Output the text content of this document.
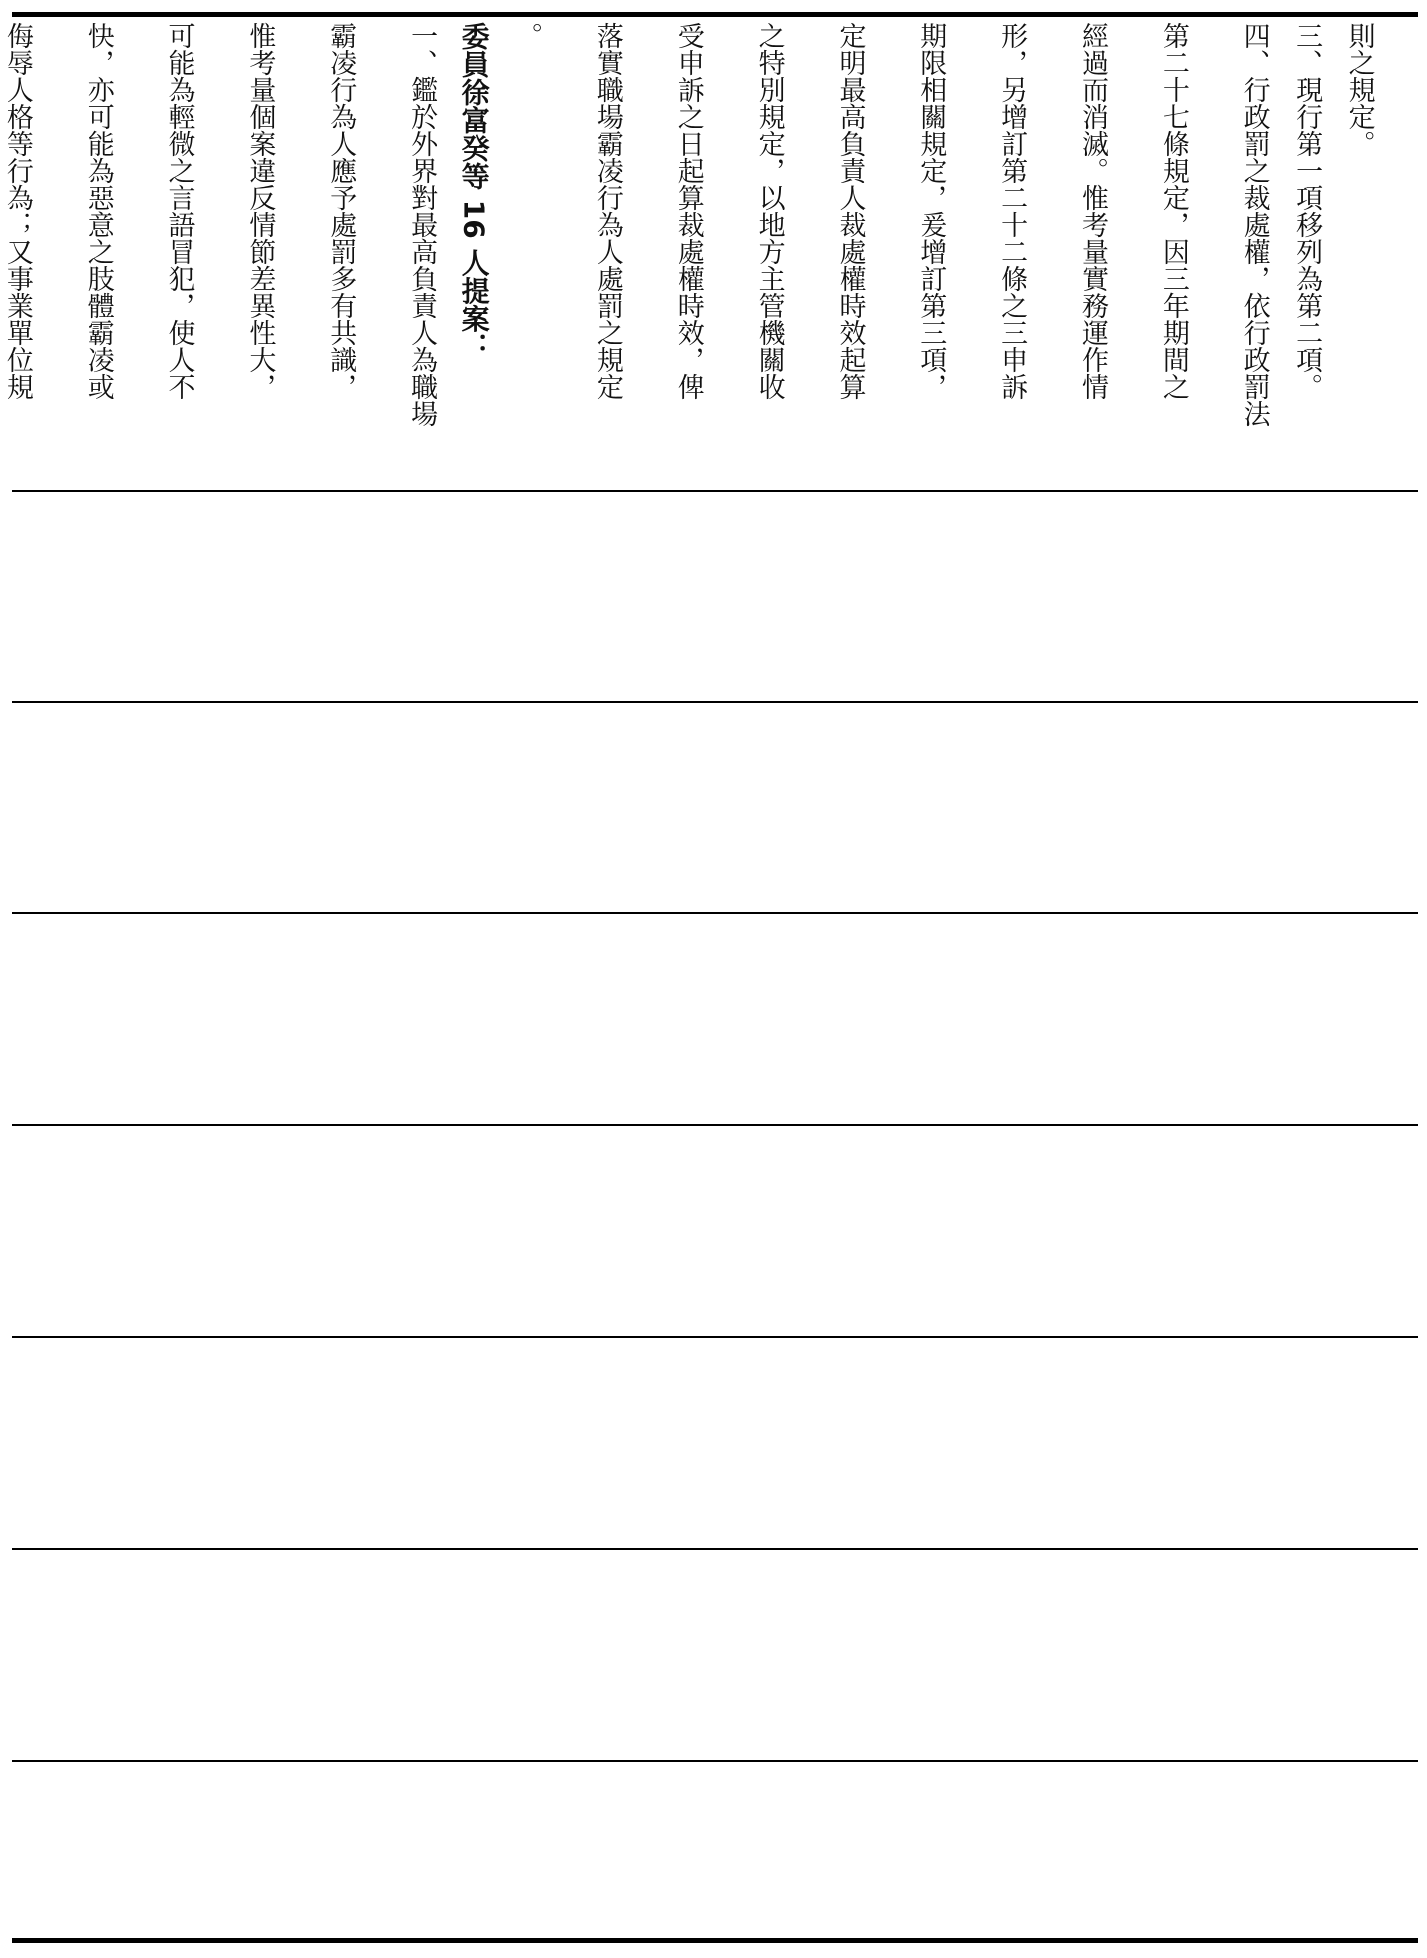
則之規定。
三、現行第一項移列為第二項。
四、行政罰之裁處權，依行政罰法
第二十七條規定，因三年期間之
經過而消滅。惟考量實務運作情
形，另增訂第二十二條之三申訴
期限相關規定，爰增訂第三項，
定明最高負責人裁處權時效起算
之特別規定，以地方主管機關收
受申訴之日起算裁處權時效，俾
落實職場霸凌行為人處罰之規定
。
委員徐富癸等 16 人提案：
一、鑑於外界對最高負責人為職場
霸凌行為人應予處罰多有共識，
惟考量個案違反情節差異性大，
可能為輕微之言語冒犯，使人不
快，亦可能為惡意之肢體霸凌或
侮辱人格等行為；又事業單位規
